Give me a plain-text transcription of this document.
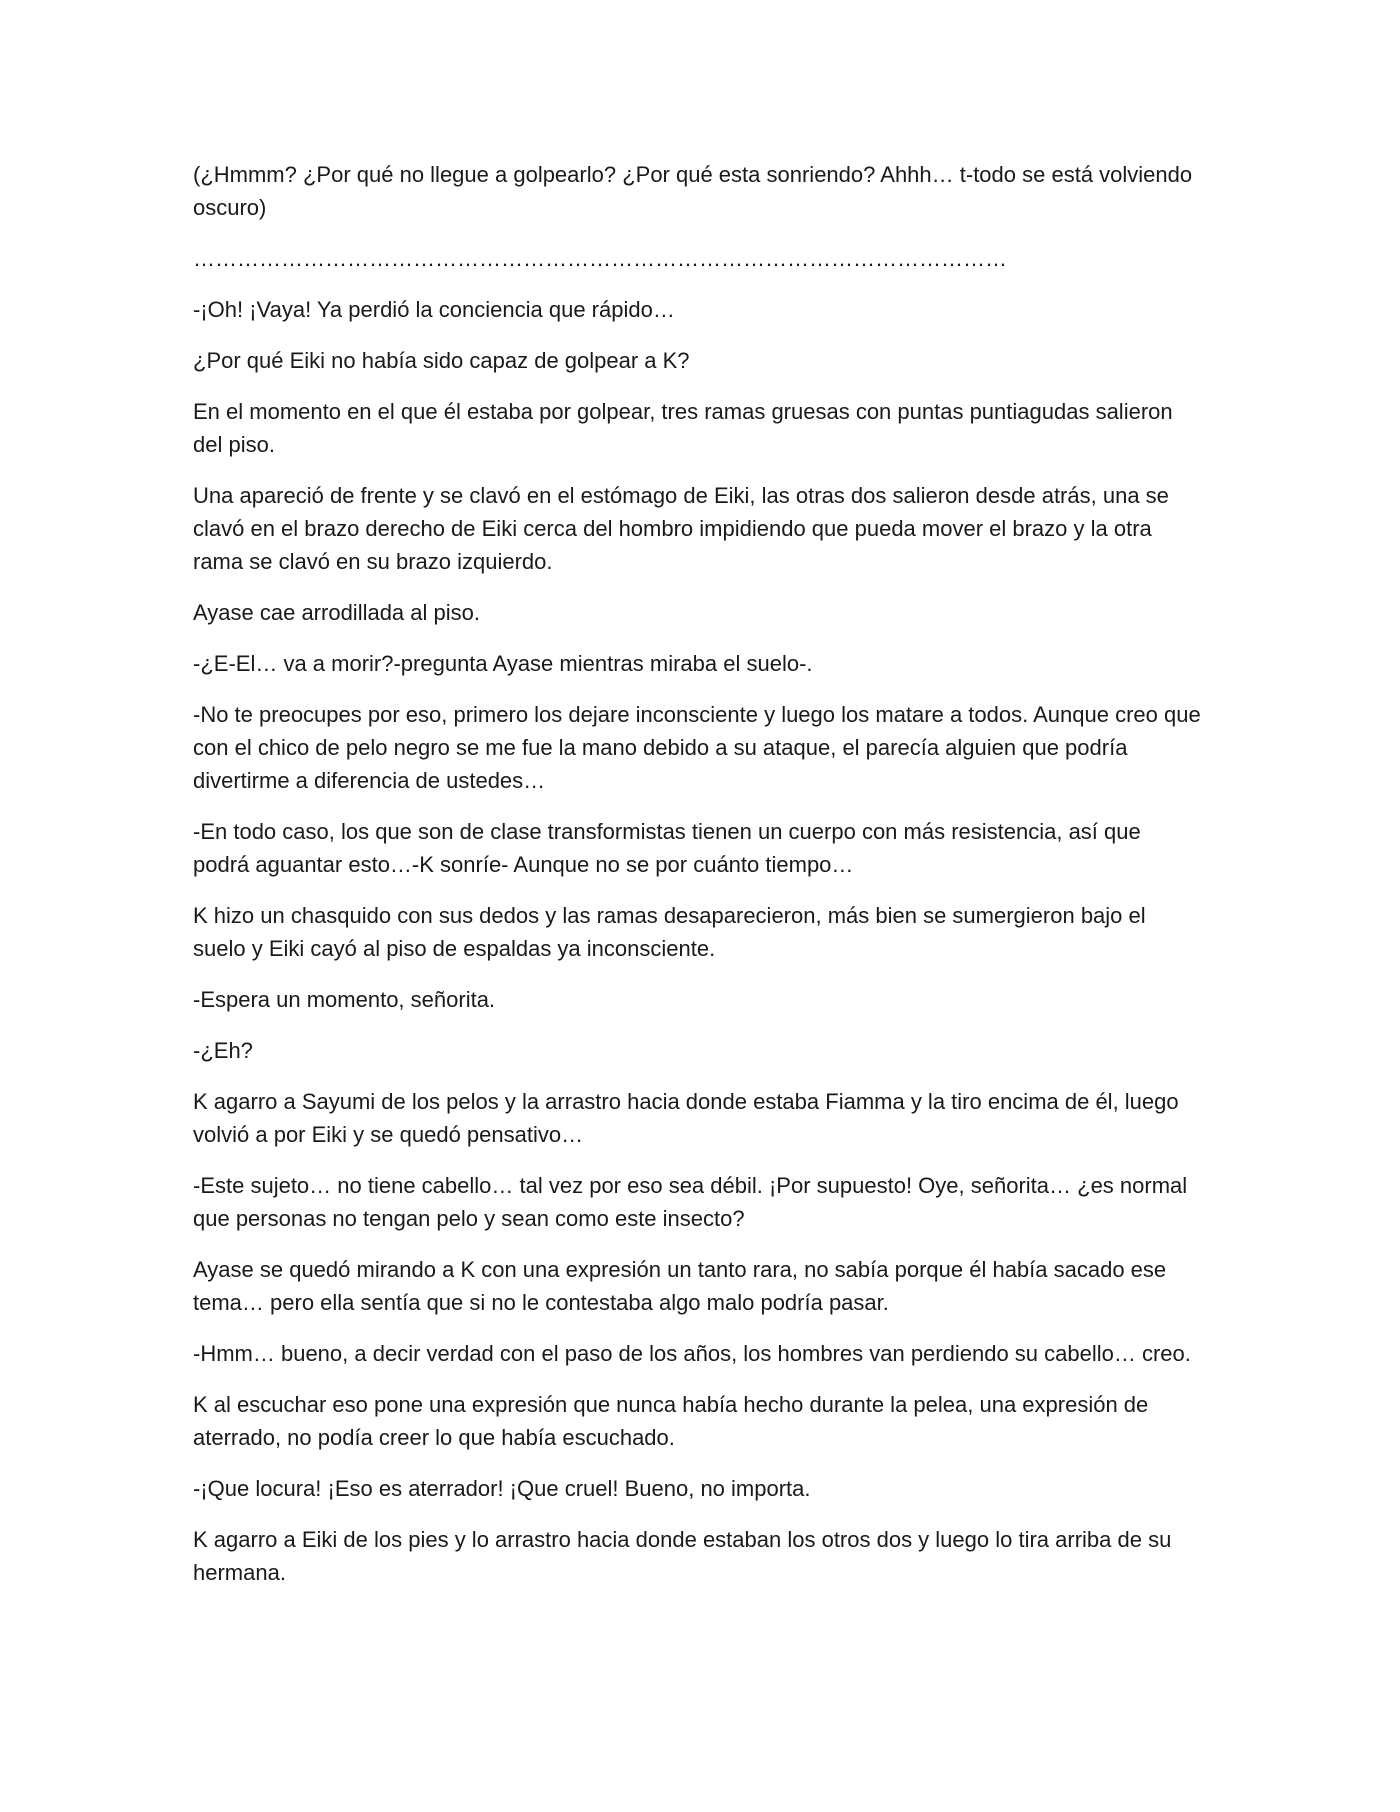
(¿Hmmm? ¿Por qué no llegue a golpearlo? ¿Por qué esta sonriendo? Ahhh… t-todo se está volviendo oscuro)

…………………………………………………………………………………………………

-¡Oh! ¡Vaya! Ya perdió la conciencia que rápido…

¿Por qué Eiki no había sido capaz de golpear a K?

En el momento en el que él estaba por golpear, tres ramas gruesas con puntas puntiagudas salieron del piso.

Una apareció de frente y se clavó en el estómago de Eiki, las otras dos salieron desde atrás, una se clavó en el brazo derecho de Eiki cerca del hombro impidiendo que pueda mover el brazo y la otra rama se clavó en su brazo izquierdo.

Ayase cae arrodillada al piso.

-¿E-El… va a morir?-pregunta Ayase mientras miraba el suelo-.

-No te preocupes por eso, primero los dejare inconsciente y luego los matare a todos. Aunque creo que con el chico de pelo negro se me fue la mano debido a su ataque, el parecía alguien que podría divertirme a diferencia de ustedes…

-En todo caso, los que son de clase transformistas tienen un cuerpo con más resistencia, así que podrá aguantar esto…-K sonríe- Aunque no se por cuánto tiempo…

K hizo un chasquido con sus dedos y las ramas desaparecieron, más bien se sumergieron bajo el suelo y Eiki cayó al piso de espaldas ya inconsciente.

-Espera un momento, señorita.

-¿Eh?

K agarro a Sayumi de los pelos y la arrastro hacia donde estaba Fiamma y la tiro encima de él, luego volvió a por Eiki y se quedó pensativo…

-Este sujeto… no tiene cabello… tal vez por eso sea débil. ¡Por supuesto! Oye, señorita… ¿es normal que personas no tengan pelo y sean como este insecto?

Ayase se quedó mirando a K con una expresión un tanto rara, no sabía porque él había sacado ese tema… pero ella sentía que si no le contestaba algo malo podría pasar.

-Hmm… bueno, a decir verdad con el paso de los años, los hombres van perdiendo su cabello… creo.

K al escuchar eso pone una expresión que nunca había hecho durante la pelea, una expresión de aterrado, no podía creer lo que había escuchado.

-¡Que locura! ¡Eso es aterrador! ¡Que cruel! Bueno, no importa.

K agarro a Eiki de los pies y lo arrastro hacia donde estaban los otros dos y luego lo tira arriba de su hermana.
